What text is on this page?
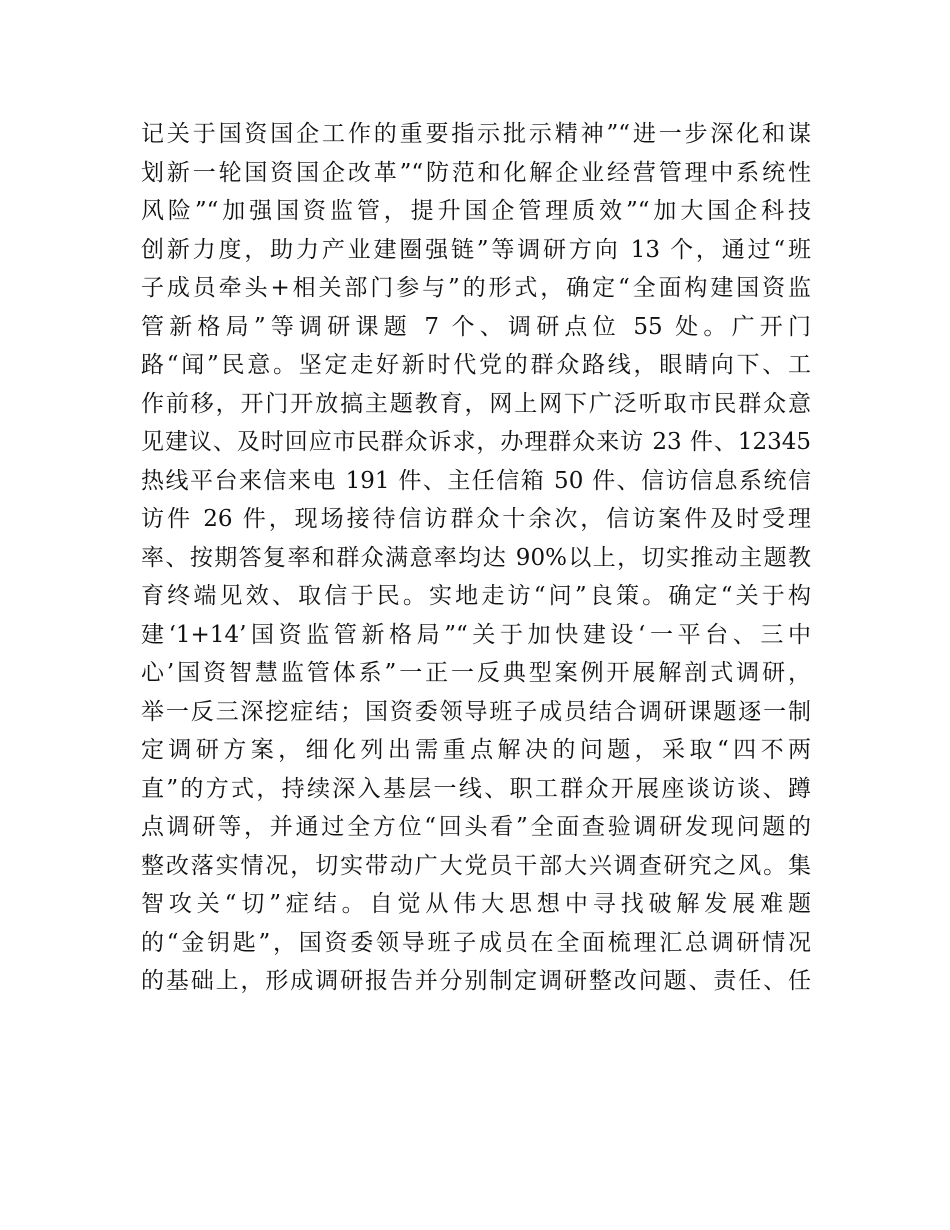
记关于国资国企工作的重要指示批示精神”“进一步深化和谋
划新一轮国资国企改革”“防范和化解企业经营管理中系统性
风险”“加强国资监管，提升国企管理质效”“加大国企科技
创新力度，助力产业建圈强链”等调研方向 13 个，通过“班
子成员牵头+相关部门参与”的形式，确定“全面构建国资监
管新格局”等调研课题 7 个、调研点位 55 处。广开门
路“闻”民意。坚定走好新时代党的群众路线，眼睛向下、工
作前移，开门开放搞主题教育，网上网下广泛听取市民群众意
见建议、及时回应市民群众诉求，办理群众来访 23 件、12345
热线平台来信来电 191 件、主任信箱 50 件、信访信息系统信
访件 26 件，现场接待信访群众十余次，信访案件及时受理
率、按期答复率和群众满意率均达 90%以上，切实推动主题教
育终端见效、取信于民。实地走访“问”良策。确定“关于构
建‘1+14’国资监管新格局”“关于加快建设‘一平台、三中
心’国资智慧监管体系”一正一反典型案例开展解剖式调研，
举一反三深挖症结；国资委领导班子成员结合调研课题逐一制
定调研方案，细化列出需重点解决的问题，采取“四不两
直”的方式，持续深入基层一线、职工群众开展座谈访谈、蹲
点调研等，并通过全方位“回头看”全面查验调研发现问题的
整改落实情况，切实带动广大党员干部大兴调查研究之风。集
智攻关“切”症结。自觉从伟大思想中寻找破解发展难题
的“金钥匙”，国资委领导班子成员在全面梳理汇总调研情况
的基础上，形成调研报告并分别制定调研整改问题、责任、任
